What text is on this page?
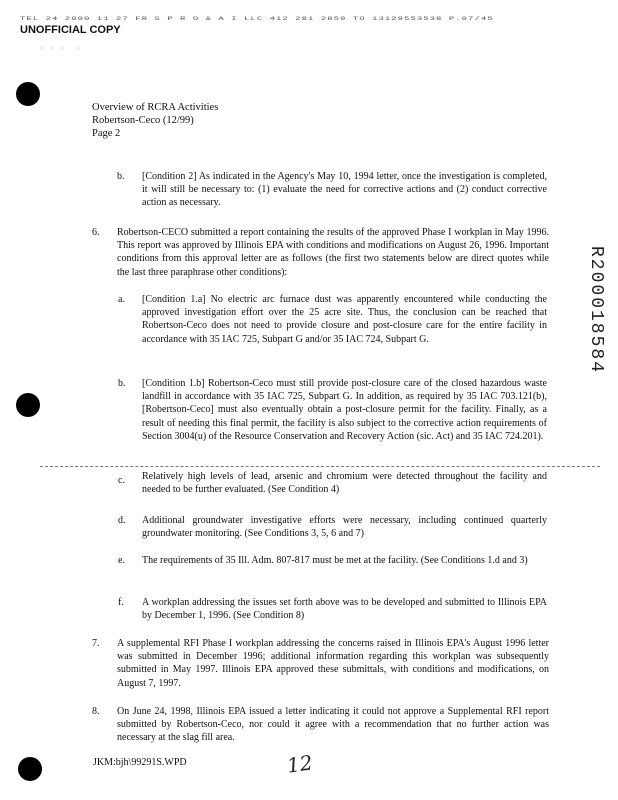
TEL 24 2000 11 27 FR S P R O & A I LLC 412 281 2859 TO 13129553538 P.07/45
UNOFFICIAL COPY
· · ·  ·
R200018584
Overview of RCRA Activities
Robertson-Ceco (12/99)
Page 2
b. [Condition 2] As indicated in the Agency's May 10, 1994 letter, once the investigation is completed, it will still be necessary to: (1) evaluate the need for corrective actions and (2) conduct corrective action as necessary.
6. Robertson-CECO submitted a report containing the results of the approved Phase I workplan in May 1996. This report was approved by Illinois EPA with conditions and modifications on August 26, 1996. Important conditions from this approval letter are as follows (the first two statements below are direct quotes while the last three paraphrase other conditions):
a. [Condition 1.a] No electric arc furnace dust was apparently encountered while conducting the approved investigation effort over the 25 acre site. Thus, the conclusion can be reached that Robertson-Ceco does not need to provide closure and post-closure care for the entire facility in accordance with 35 IAC 725, Subpart G and/or 35 IAC 724, Subpart G.
b. [Condition 1.b] Robertson-Ceco must still provide post-closure care of the closed hazardous waste landfill in accordance with 35 IAC 725, Subpart G. In addition, as required by 35 IAC 703.121(b), [Robertson-Ceco] must also eventually obtain a post-closure permit for the facility. Finally, as a result of needing this final permit, the facility is also subject to the corrective action requirements of Section 3004(u) of the Resource Conservation and Recovery Action (sic. Act) and 35 IAC 724.201).
c. Relatively high levels of lead, arsenic and chromium were detected throughout the facility and needed to be further evaluated. (See Condition 4)
d. Additional groundwater investigative efforts were necessary, including continued quarterly groundwater monitoring. (See Conditions 3, 5, 6 and 7)
e. The requirements of 35 Ill. Adm. 807-817 must be met at the facility. (See Conditions 1.d and 3)
f. A workplan addressing the issues set forth above was to be developed and submitted to Illinois EPA by December 1, 1996. (See Condition 8)
7. A supplemental RFI Phase I workplan addressing the concerns raised in Illinois EPA's August 1996 letter was submitted in December 1996; additional information regarding this workplan was subsequently submitted in May 1997. Illinois EPA approved these submittals, with conditions and modifications, on August 7, 1997.
8. On June 24, 1998, Illinois EPA issued a letter indicating it could not approve a Supplemental RFI report submitted by Robertson-Ceco, nor could it agree with a recommendation that no further action was necessary at the slag fill area.
JKM:bjh\99291S.WPD	12
